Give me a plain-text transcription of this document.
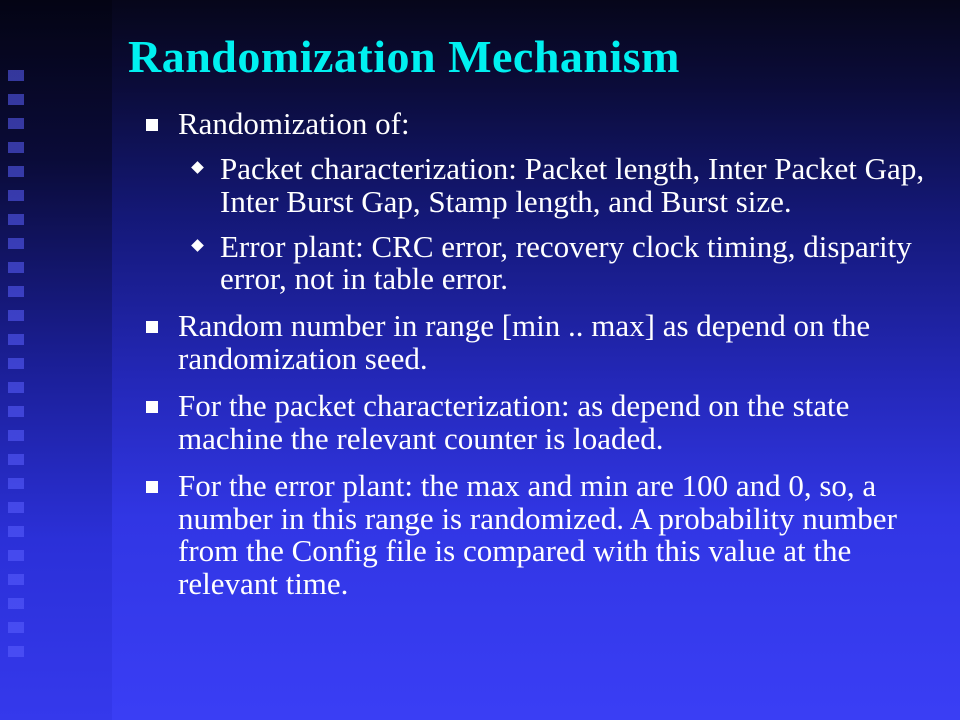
Randomization Mechanism
Randomization of:
Packet characterization: Packet length, Inter Packet Gap, Inter Burst Gap, Stamp length, and Burst size.
Error plant: CRC error, recovery clock timing, disparity error, not in table error.
Random number in range [min .. max] as depend on the randomization seed.
For the packet characterization: as depend on the state machine the relevant counter is loaded.
For the error plant: the max and min are 100 and 0, so, a number in this range is randomized. A probability number from the Config file is compared with this value at the relevant time.
